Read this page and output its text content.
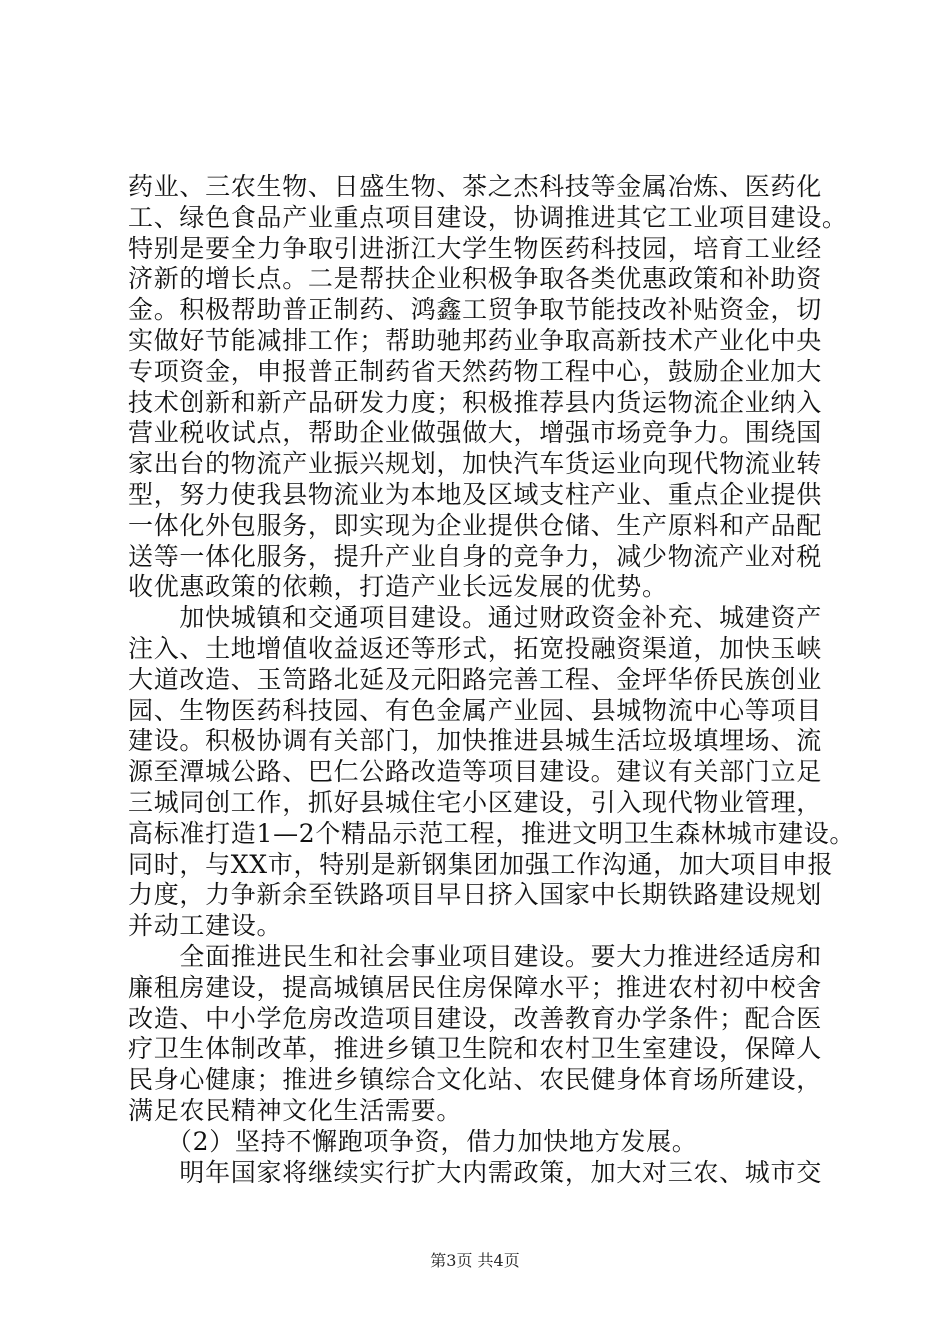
药业、三农生物、日盛生物、茶之杰科技等金属冶炼、医药化
工、绿色食品产业重点项目建设，协调推进其它工业项目建设。
特别是要全力争取引进浙江大学生物医药科技园，培育工业经
济新的增长点。二是帮扶企业积极争取各类优惠政策和补助资
金。积极帮助普正制药、鸿鑫工贸争取节能技改补贴资金，切
实做好节能减排工作；帮助驰邦药业争取高新技术产业化中央
专项资金，申报普正制药省天然药物工程中心，鼓励企业加大
技术创新和新产品研发力度；积极推荐县内货运物流企业纳入
营业税收试点，帮助企业做强做大，增强市场竞争力。围绕国
家出台的物流产业振兴规划，加快汽车货运业向现代物流业转
型，努力使我县物流业为本地及区域支柱产业、重点企业提供
一体化外包服务，即实现为企业提供仓储、生产原料和产品配
送等一体化服务，提升产业自身的竞争力，减少物流产业对税
收优惠政策的依赖，打造产业长远发展的优势。
　　加快城镇和交通项目建设。通过财政资金补充、城建资产
注入、土地增值收益返还等形式，拓宽投融资渠道，加快玉峡
大道改造、玉笥路北延及元阳路完善工程、金坪华侨民族创业
园、生物医药科技园、有色金属产业园、县城物流中心等项目
建设。积极协调有关部门，加快推进县城生活垃圾填埋场、流
源至潭城公路、巴仁公路改造等项目建设。建议有关部门立足
三城同创工作，抓好县城住宅小区建设，引入现代物业管理，
高标准打造1—2个精品示范工程，推进文明卫生森林城市建设。
同时，与XX市，特别是新钢集团加强工作沟通，加大项目申报
力度，力争新余至铁路项目早日挤入国家中长期铁路建设规划
并动工建设。
　　全面推进民生和社会事业项目建设。要大力推进经适房和
廉租房建设，提高城镇居民住房保障水平；推进农村初中校舍
改造、中小学危房改造项目建设，改善教育办学条件；配合医
疗卫生体制改革，推进乡镇卫生院和农村卫生室建设，保障人
民身心健康；推进乡镇综合文化站、农民健身体育场所建设，
满足农民精神文化生活需要。
　　（2）坚持不懈跑项争资，借力加快地方发展。
　　明年国家将继续实行扩大内需政策，加大对三农、城市交
第3页 共4页
